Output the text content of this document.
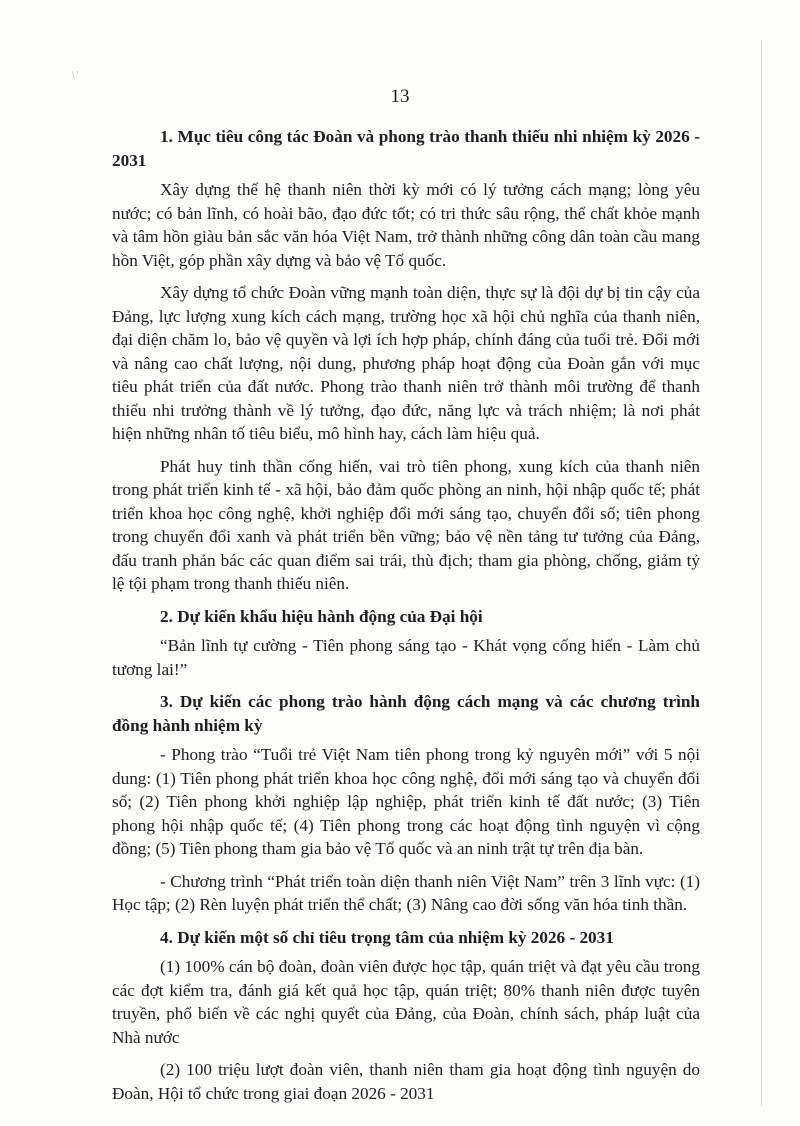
\ '
13

1. Mục tiêu công tác Đoàn và phong trào thanh thiếu nhi nhiệm kỳ 2026 - 2031

Xây dựng thế hệ thanh niên thời kỳ mới có lý tưởng cách mạng; lòng yêu nước; có bản lĩnh, có hoài bão, đạo đức tốt; có tri thức sâu rộng, thể chất khỏe mạnh và tâm hồn giàu bản sắc văn hóa Việt Nam, trở thành những công dân toàn cầu mang hồn Việt, góp phần xây dựng và bảo vệ Tổ quốc.

Xây dựng tổ chức Đoàn vững mạnh toàn diện, thực sự là đội dự bị tin cậy của Đảng, lực lượng xung kích cách mạng, trường học xã hội chủ nghĩa của thanh niên, đại diện chăm lo, bảo vệ quyền và lợi ích hợp pháp, chính đáng của tuổi trẻ. Đổi mới và nâng cao chất lượng, nội dung, phương pháp hoạt động của Đoàn gắn với mục tiêu phát triển của đất nước. Phong trào thanh niên trở thành môi trường để thanh thiếu nhi trưởng thành về lý tưởng, đạo đức, năng lực và trách nhiệm; là nơi phát hiện những nhân tố tiêu biểu, mô hình hay, cách làm hiệu quả.

Phát huy tinh thần cống hiến, vai trò tiên phong, xung kích của thanh niên trong phát triển kinh tế - xã hội, bảo đảm quốc phòng an ninh, hội nhập quốc tế; phát triển khoa học công nghệ, khởi nghiệp đổi mới sáng tạo, chuyển đổi số; tiên phong trong chuyển đổi xanh và phát triển bền vững; bảo vệ nền tảng tư tưởng của Đảng, đấu tranh phản bác các quan điểm sai trái, thù địch; tham gia phòng, chống, giảm tỷ lệ tội phạm trong thanh thiếu niên.

2. Dự kiến khẩu hiệu hành động của Đại hội

“Bản lĩnh tự cường - Tiên phong sáng tạo - Khát vọng cống hiến - Làm chủ tương lai!”

3. Dự kiến các phong trào hành động cách mạng và các chương trình đồng hành nhiệm kỳ

- Phong trào “Tuổi trẻ Việt Nam tiên phong trong kỷ nguyên mới” với 5 nội dung: (1) Tiên phong phát triển khoa học công nghệ, đổi mới sáng tạo và chuyển đổi số; (2) Tiên phong khởi nghiệp lập nghiệp, phát triển kinh tế đất nước; (3) Tiên phong hội nhập quốc tế; (4) Tiên phong trong các hoạt động tình nguyện vì cộng đồng; (5) Tiên phong tham gia bảo vệ Tổ quốc và an ninh trật tự trên địa bàn.

- Chương trình “Phát triển toàn diện thanh niên Việt Nam” trên 3 lĩnh vực: (1) Học tập; (2) Rèn luyện phát triển thể chất; (3) Nâng cao đời sống văn hóa tinh thần.

4. Dự kiến một số chỉ tiêu trọng tâm của nhiệm kỳ 2026 - 2031

(1) 100% cán bộ đoàn, đoàn viên được học tập, quán triệt và đạt yêu cầu trong các đợt kiểm tra, đánh giá kết quả học tập, quán triệt; 80% thanh niên được tuyên truyền, phổ biến về các nghị quyết của Đảng, của Đoàn, chính sách, pháp luật của Nhà nước

(2) 100 triệu lượt đoàn viên, thanh niên tham gia hoạt động tình nguyện do Đoàn, Hội tổ chức trong giai đoạn 2026 - 2031
